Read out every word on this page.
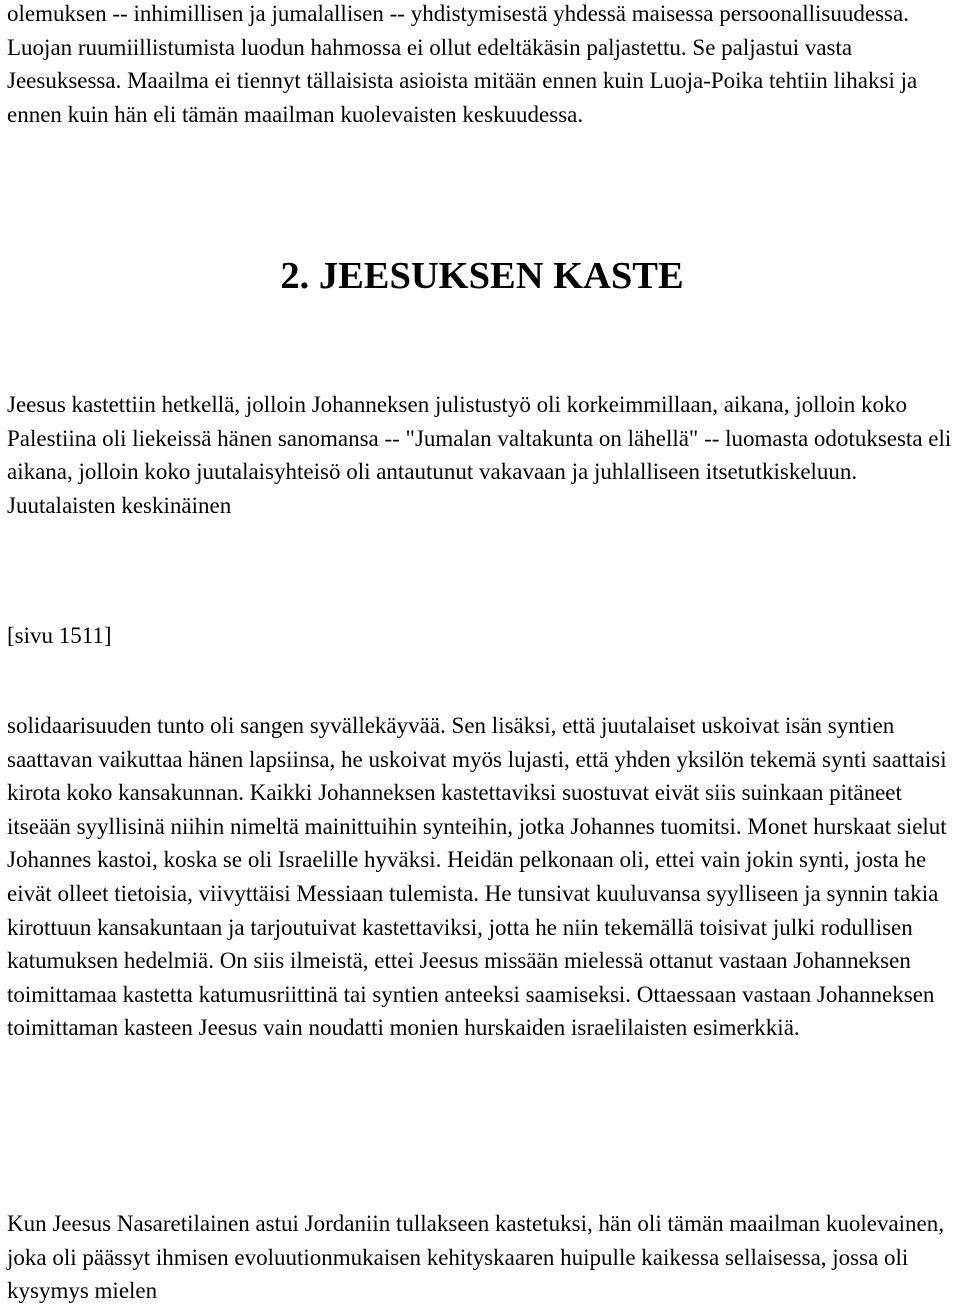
olemuksen -- inhimillisen ja jumalallisen -- yhdistymisestä yhdessä maisessa persoonallisuudessa. Luojan ruumiillistumista luodun hahmossa ei ollut edeltäkäsin paljastettu. Se paljastui vasta Jeesuksessa. Maailma ei tiennyt tällaisista asioista mitään ennen kuin Luoja-Poika tehtiin lihaksi ja ennen kuin hän eli tämän maailman kuolevaisten keskuudessa.

2. JEESUKSEN KASTE

Jeesus kastettiin hetkellä, jolloin Johanneksen julistustyö oli korkeimmillaan, aikana, jolloin koko Palestiina oli liekeissä hänen sanomansa -- "Jumalan valtakunta on lähellä" -- luomasta odotuksesta eli aikana, jolloin koko juutalaisyhteisö oli antautunut vakavaan ja juhlalliseen itsetutkiskeluun. Juutalaisten keskinäinen

[sivu 1511]

solidaarisuuden tunto oli sangen syvällekäyvää. Sen lisäksi, että juutalaiset uskoivat isän syntien saattavan vaikuttaa hänen lapsiinsa, he uskoivat myös lujasti, että yhden yksilön tekemä synti saattaisi kirota koko kansakunnan. Kaikki Johanneksen kastettaviksi suostuvat eivät siis suinkaan pitäneet itseään syyllisinä niihin nimeltä mainittuihin synteihin, jotka Johannes tuomitsi. Monet hurskaat sielut Johannes kastoi, koska se oli Israelille hyväksi. Heidän pelkonaan oli, ettei vain jokin synti, josta he eivät olleet tietoisia, viivyttäisi Messiaan tulemista. He tunsivat kuuluvansa syylliseen ja synnin takia kirottuun kansakuntaan ja tarjoutuivat kastettaviksi, jotta he niin tekemällä toisivat julki rodullisen katumuksen hedelmiä. On siis ilmeistä, ettei Jeesus missään mielessä ottanut vastaan Johanneksen toimittamaa kastetta katumusriittinä tai syntien anteeksi saamiseksi. Ottaessaan vastaan Johanneksen toimittaman kasteen Jeesus vain noudatti monien hurskaiden israelilaisten esimerkkiä.

Kun Jeesus Nasaretilainen astui Jordaniin tullakseen kastetuksi, hän oli tämän maailman kuolevainen, joka oli päässyt ihmisen evoluutionmukaisen kehityskaaren huipulle kaikessa sellaisessa, jossa oli kysymys mielen
